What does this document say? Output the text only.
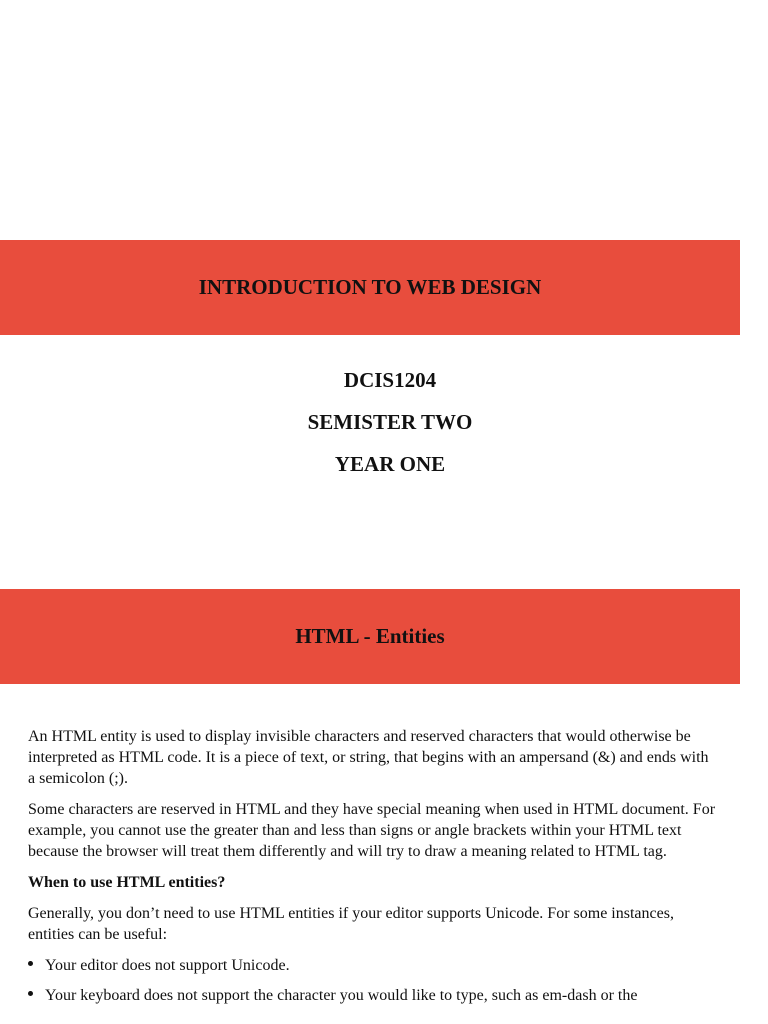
INTRODUCTION TO WEB DESIGN
DCIS1204
SEMISTER TWO
YEAR ONE
HTML - Entities

An HTML entity is used to display invisible characters and reserved characters that would otherwise be interpreted as HTML code. It is a piece of text, or string, that begins with an ampersand (&) and ends with a semicolon (;).

Some characters are reserved in HTML and they have special meaning when used in HTML document. For example, you cannot use the greater than and less than signs or angle brackets within your HTML text because the browser will treat them differently and will try to draw a meaning related to HTML tag.

When to use HTML entities?

Generally, you don’t need to use HTML entities if your editor supports Unicode. For some instances, entities can be useful:

Your editor does not support Unicode.
Your keyboard does not support the character you would like to type, such as em-dash or the
